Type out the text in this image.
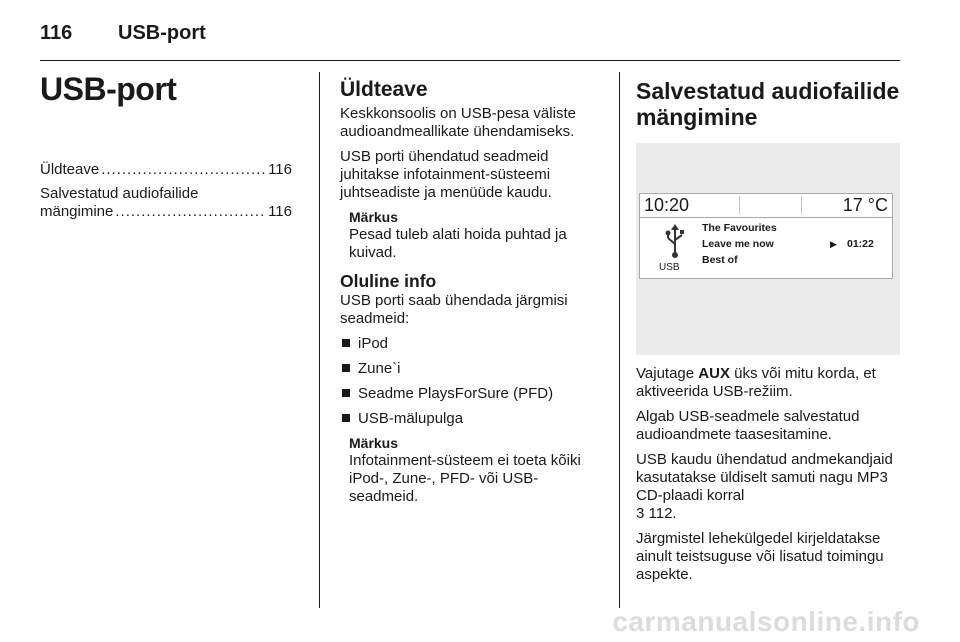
116 USB-port
USB-port
Üldteave .....	116
Salvestatud audiofailide
mängimine .....	116
Üldteave

Keskkonsoolis on USB-pesa väliste audioandmeallikate ühendamiseks.

USB porti ühendatud seadmeid juhitakse infotainment-süsteemi juhtseadiste ja menüüde kaudu.

Märkus
Pesad tuleb alati hoida puhtad ja kuivad.
Oluline info

USB porti saab ühendada järgmisi seadmeid:

iPod
Zune`i
Seadme PlaysForSure (PFD)
USB-mälupulga
Märkus
Infotainment-süsteem ei toeta kõiki iPod-, Zune-, PFD- või USB-seadmeid.
Salvestatud audiofailide
mängimine
10:20	17 °C
USB
The Favourites
Leave me now
Best of
▶ 01:22

Vajutage AUX üks või mitu korda, et aktiveerida USB-režiim.

Algab USB-seadmele salvestatud audioandmete taasesitamine.

USB kaudu ühendatud andmekandjaid kasutatakse üldiselt samuti nagu MP3 CD-plaadi korral
3 112.

Järgmistel lehekülgedel kirjeldatakse ainult teistsuguse või lisatud toimingu aspekte.

carmanualsonline.info
